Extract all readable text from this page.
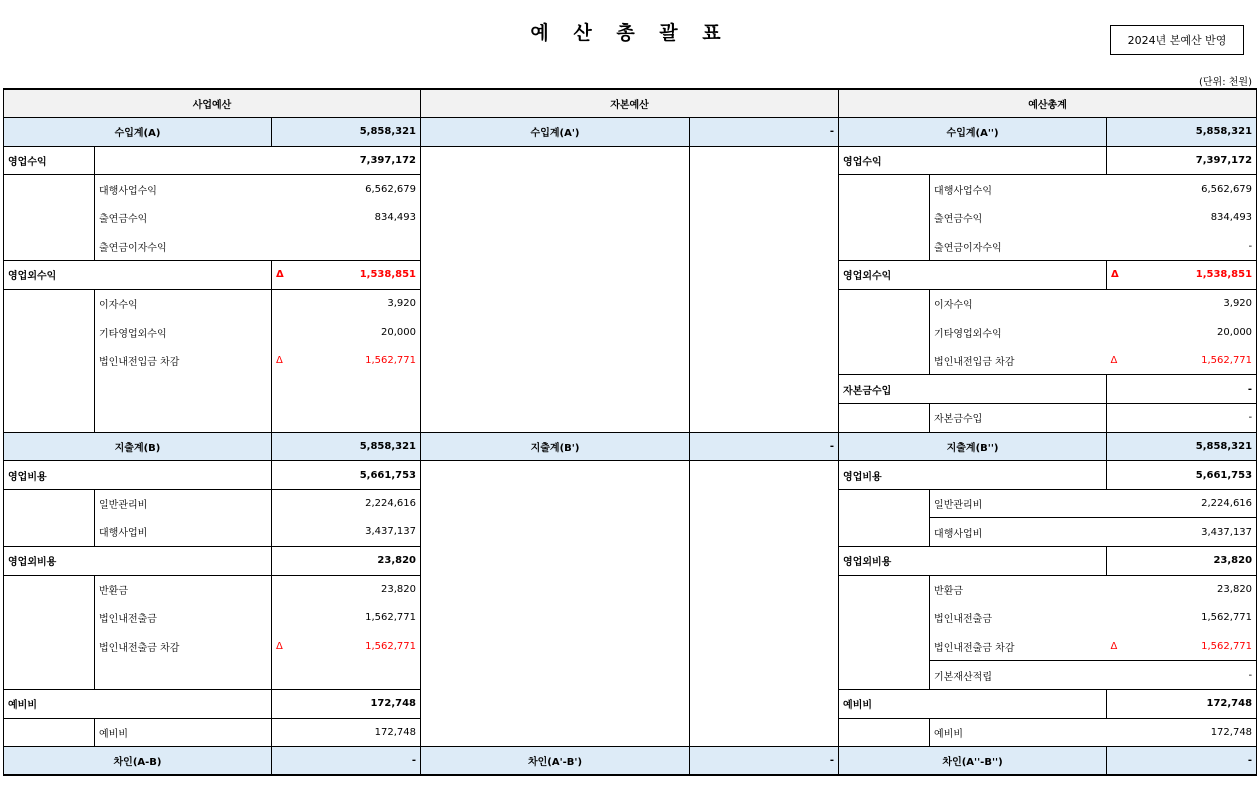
예 산 총 괄 표	2024년 본예산 반영
(단위: 천원)
사업예산			자본예산		예산총계		
수입계(A)		5,858,321	수입계(A')	-	수입계(A'')		5,858,321
영업수익		7,397,172			영업수익		7,397,172
	대행사업수익	6,562,679				대행사업수익	6,562,679
	출연금수익	834,493				출연금수익	834,493
	출연금이자수익					출연금이자수익	-
영업외수익		Δ 1,538,851			영업외수익		Δ 1,538,851
	이자수익	3,920				이자수익	3,920
	기타영업외수익	20,000				기타영업외수익	20,000
	법인내전입금 차감	Δ 1,562,771				법인내전입금 차감	Δ 1,562,771
					자본금수입		-
						자본금수입	-
지출계(B)		5,858,321	지출계(B')	-	지출계(B'')		5,858,321
영업비용		5,661,753			영업비용		5,661,753
	일반관리비	2,224,616				일반관리비	2,224,616
	대행사업비	3,437,137				대행사업비	3,437,137
영업외비용		23,820			영업외비용		23,820
	반환금	23,820				반환금	23,820
	법인내전출금	1,562,771				법인내전출금	1,562,771
	법인내전출금 차감	Δ 1,562,771				법인내전출금 차감	Δ 1,562,771
						기본재산적립	-
예비비		172,748			예비비		172,748
	예비비	172,748				예비비	172,748
차인(A-B)		-	차인(A'-B')	-	차인(A''-B'')		-
